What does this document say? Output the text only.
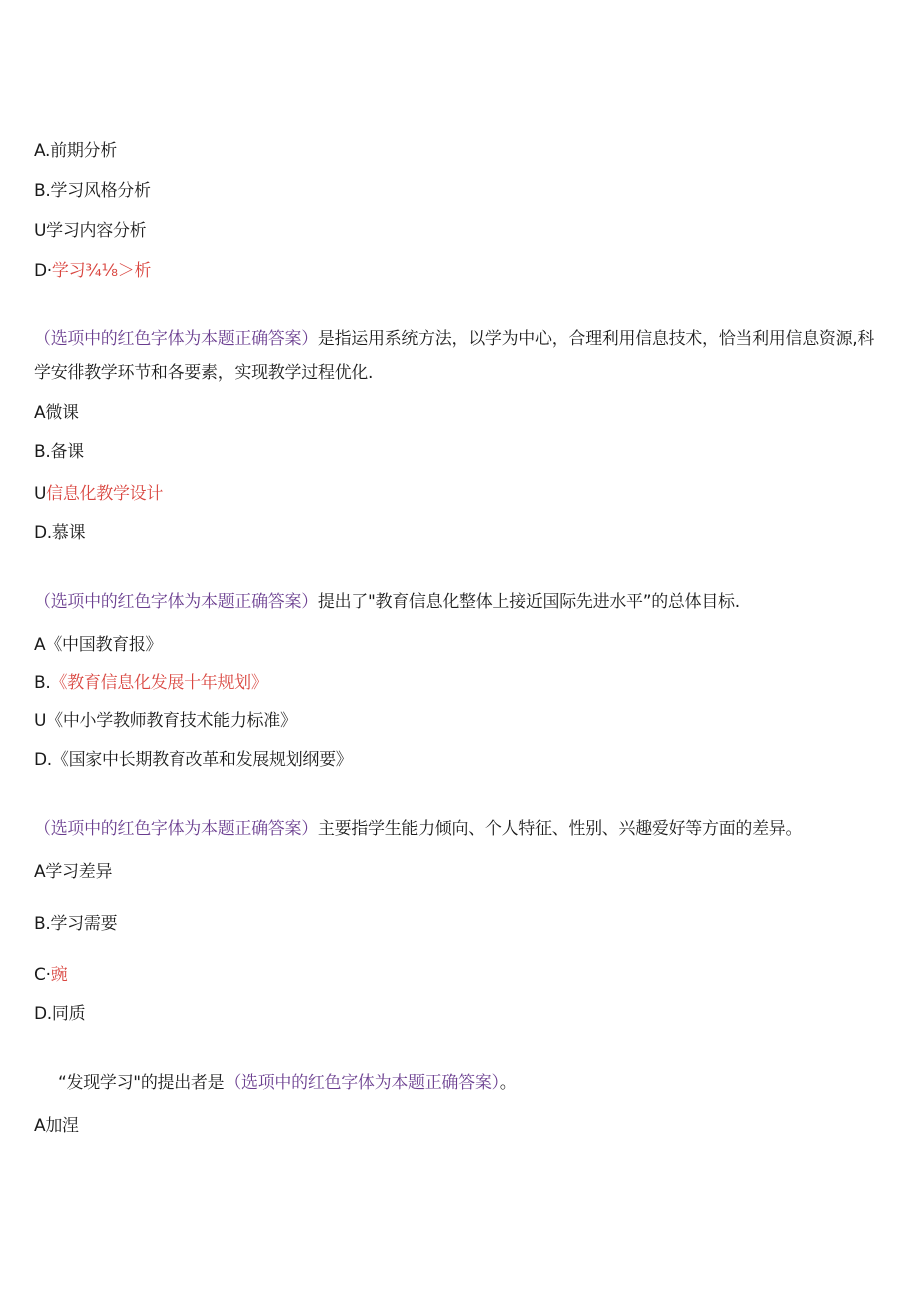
A.前期分析
B.学习风格分析
U学习内容分析
D·学习¾⅛＞析
（选项中的红色字体为本题正确答案）是指运用系统方法，以学为中心，合理利用信息技术，恰当利用信息资源,科学安徘教学环节和各要素，实现教学过程优化.
A微课
B.备课
U信息化教学设计
D.慕课
（选项中的红色字体为本题正确答案）提出了"教育信息化整体上接近国际先进水平”的总体目标.
A《中国教育报》
B.《教育信息化发展十年规划》
U《中小学教师教育技术能力标准》
D.《国家中长期教育改革和发展规划纲要》
（选项中的红色字体为本题正确答案）主要指学生能力倾向、个人特征、性别、兴趣爱好等方面的差异。
A学习差异
B.学习需要
C·豌
D.同质
“发现学习"的提出者是（选项中的红色字体为本题正确答案）。
A加涅
